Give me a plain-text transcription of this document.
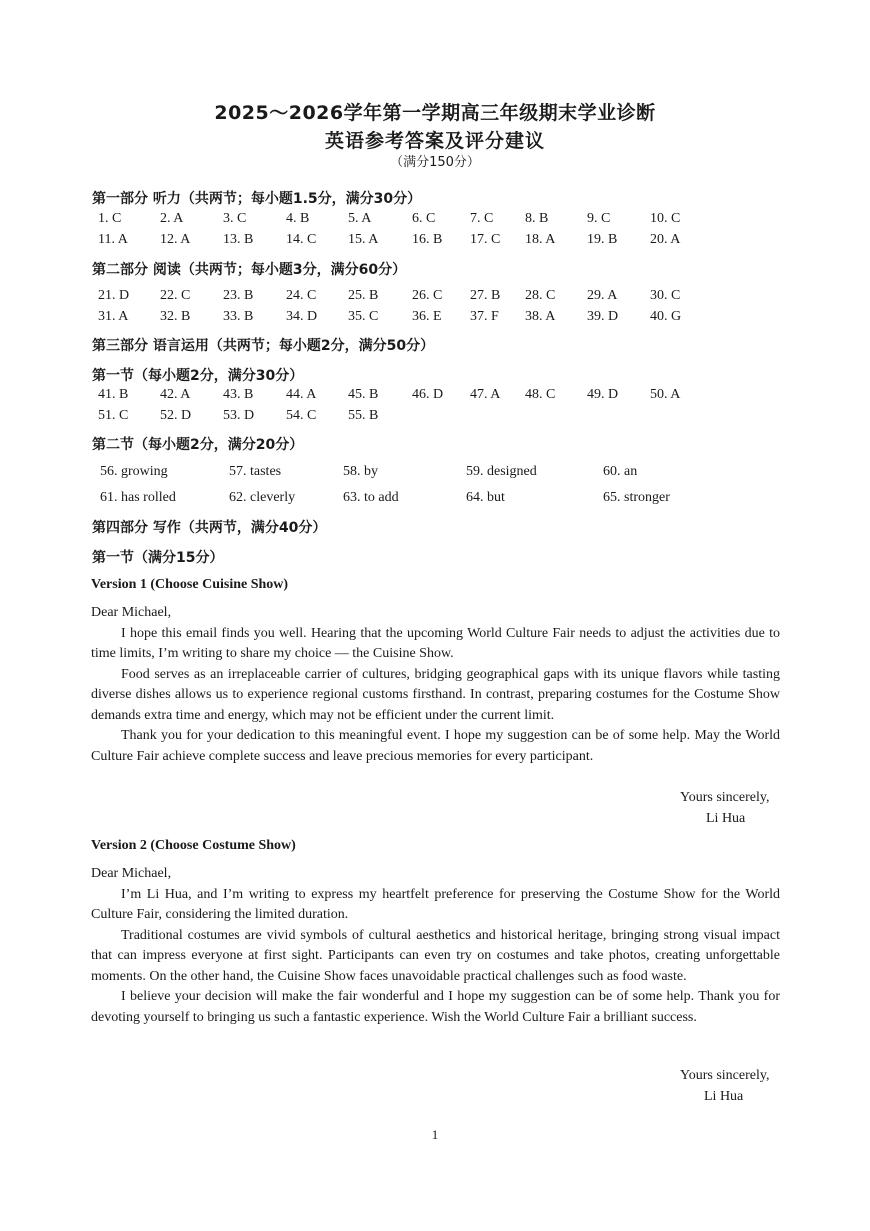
2025～2026学年第一学期高三年级期末学业诊断
英语参考答案及评分建议
（满分150分）
第一部分 听力（共两节；每小题1.5分，满分30分）
1. C	2. A	3. C	4. B	5. A	6. C 7. C 8. B	9. C	10. C
11. A 12. A 13. B 14. C 15. A 16. B 17. C 18. A 19. B 20. A
第二部分 阅读（共两节；每小题3分，满分60分）
21. D 22. C 23. B 24. C 25. B 26. C 27. B 28. C 29. A 30. C
31. A 32. B 33. B 34. D 35. C 36. E 37. F 38. A 39. D 40. G
第三部分 语言运用（共两节；每小题2分，满分50分）
第一节（每小题2分，满分30分）
41. B 42. A 43. B 44. A 45. B 46. D 47. A 48. C 49. D 50. A
51. C 52. D 53. D 54. C 55. B
第二节（每小题2分，满分20分）
56. growing	57. tastes	58. by	59. designed	60. an
61. has rolled	62. cleverly	63. to add	64. but	65. stronger
第四部分 写作（共两节，满分40分）
第一节（满分15分）
Version 1 (Choose Cuisine Show)

Dear Michael,

I hope this email finds you well. Hearing that the upcoming World Culture Fair needs to adjust the activities due to time limits, I’m writing to share my choice — the Cuisine Show.

Food serves as an irreplaceable carrier of cultures, bridging geographical gaps with its unique flavors while tasting diverse dishes allows us to experience regional customs firsthand. In contrast, preparing costumes for the Costume Show demands extra time and energy, which may not be efficient under the current limit.

Thank you for your dedication to this meaningful event. I hope my suggestion can be of some help. May the World Culture Fair achieve complete success and leave precious memories for every participant.

Yours sincerely,
Li Hua
Version 2 (Choose Costume Show)

Dear Michael,

I’m Li Hua, and I’m writing to express my heartfelt preference for preserving the Costume Show for the World Culture Fair, considering the limited duration.

Traditional costumes are vivid symbols of cultural aesthetics and historical heritage, bringing strong visual impact that can impress everyone at first sight. Participants can even try on costumes and take photos, creating unforgettable moments. On the other hand, the Cuisine Show faces unavoidable practical challenges such as food waste.

I believe your decision will make the fair wonderful and I hope my suggestion can be of some help. Thank you for devoting yourself to bringing us such a fantastic experience. Wish the World Culture Fair a brilliant success.

Yours sincerely,
Li Hua
1
